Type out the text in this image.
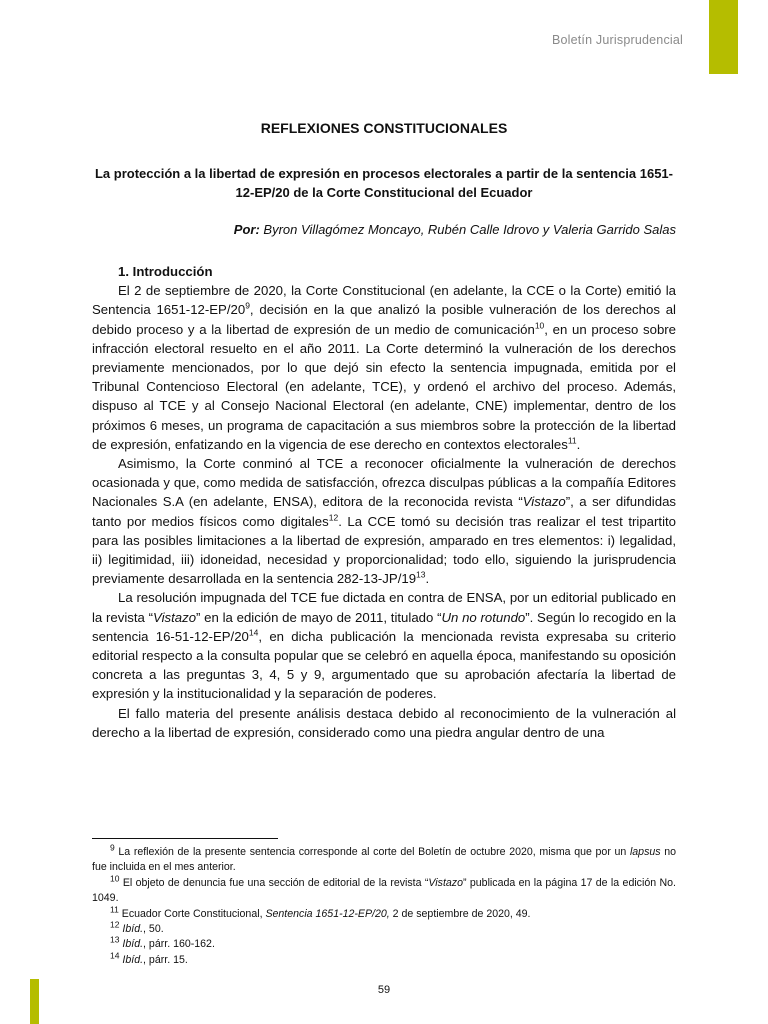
Boletín Jurisprudencial
REFLEXIONES CONSTITUCIONALES
La protección a la libertad de expresión en procesos electorales a partir de la sentencia 1651-12-EP/20 de la Corte Constitucional del Ecuador
Por: Byron Villagómez Moncayo, Rubén Calle Idrovo y Valeria Garrido Salas
1. Introducción

El 2 de septiembre de 2020, la Corte Constitucional (en adelante, la CCE o la Corte) emitió la Sentencia $1651-12-EP/20^9$, decisión en la que analizó la posible vulneración de los derechos al debido proceso y a la libertad de expresión de un medio de comunicación$^{10}$, en un proceso sobre infracción electoral resuelto en el año 2011. La Corte determinó la vulneración de los derechos previamente mencionados, por lo que dejó sin efecto la sentencia impugnada, emitida por el Tribunal Contencioso Electoral (en adelante, TCE), y ordenó el archivo del proceso. Además, dispuso al TCE y al Consejo Nacional Electoral (en adelante, CNE) implementar, dentro de los próximos 6 meses, un programa de capacitación a sus miembros sobre la protección de la libertad de expresión, enfatizando en la vigencia de ese derecho en contextos electorales$^{11}$.

Asimismo, la Corte conminó al TCE a reconocer oficialmente la vulneración de derechos ocasionada y que, como medida de satisfacción, ofrezca disculpas públicas a la compañía Editores Nacionales S.A (en adelante, ENSA), editora de la reconocida revista “Vistazo”, a ser difundidas tanto por medios físicos como digitales$^{12}$. La CCE tomó su decisión tras realizar el test tripartito para las posibles limitaciones a la libertad de expresión, amparado en tres elementos: i) legalidad, ii) legitimidad, iii) idoneidad, necesidad y proporcionalidad; todo ello, siguiendo la jurisprudencia previamente desarrollada en la sentencia $282-13-JP/19^{13}$.

La resolución impugnada del TCE fue dictada en contra de ENSA, por un editorial publicado en la revista “Vistazo” en la edición de mayo de 2011, titulado “Un no rotundo”. Según lo recogido en la sentencia $16-51-12-EP/20^{14}$, en dicha publicación la mencionada revista expresaba su criterio editorial respecto a la consulta popular que se celebró en aquella época, manifestando su oposición concreta a las preguntas 3, 4, 5 y 9, argumentado que su aprobación afectaría la libertad de expresión y la institucionalidad y la separación de poderes.

El fallo materia del presente análisis destaca debido al reconocimiento de la vulneración al derecho a la libertad de expresión, considerado como una piedra angular dentro de una

$^9$ La reflexión de la presente sentencia corresponde al corte del Boletín de octubre 2020, misma que por un lapsus no fue incluida en el mes anterior.
$^{10}$ El objeto de denuncia fue una sección de editorial de la revista “Vistazo” publicada en la página 17 de la edición No. 1049.
$^{11}$ Ecuador Corte Constitucional, Sentencia 1651-12-EP/20, 2 de septiembre de 2020, 49.
$^{12}$ Ibíd., 50.
$^{13}$ Ibíd., párr. 160-162.
$^{14}$ Ibíd., párr. 15.
59
